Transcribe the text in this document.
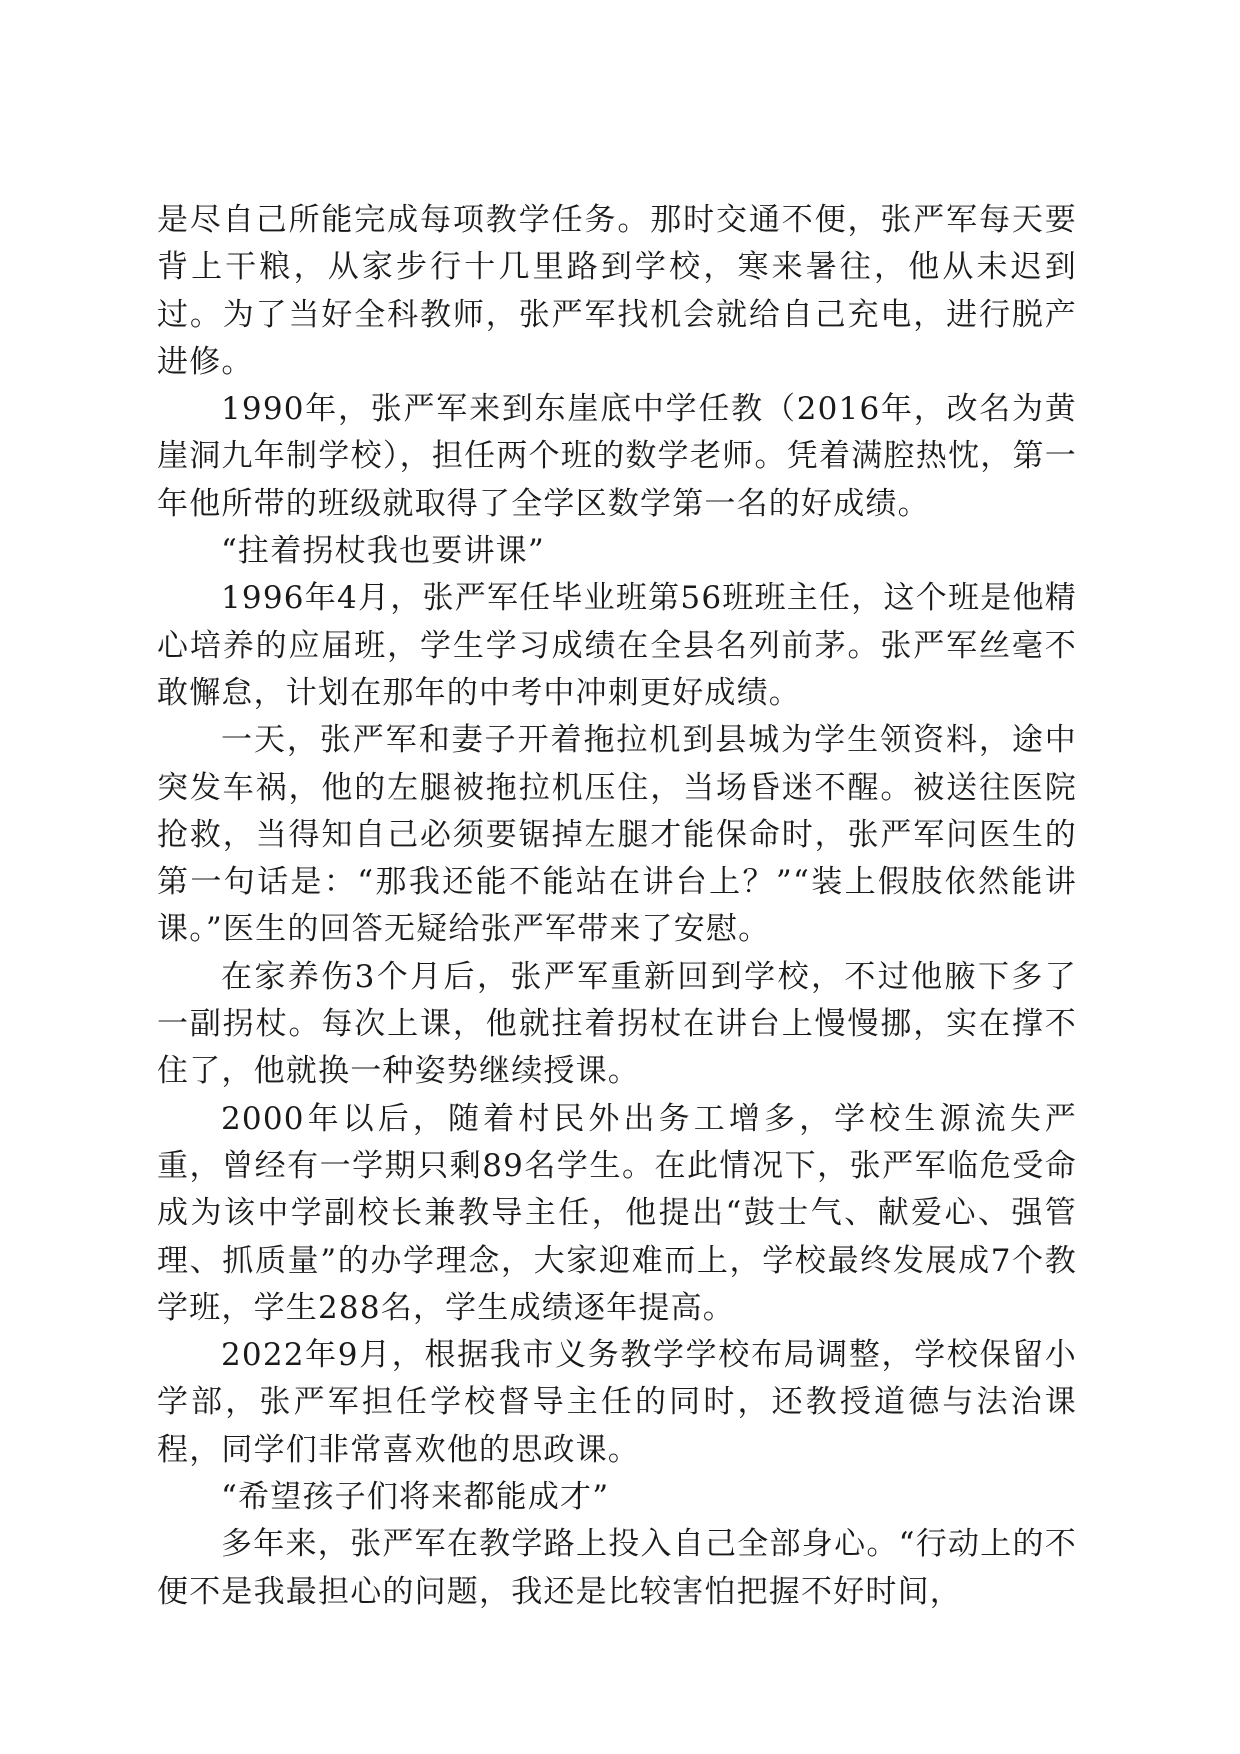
是尽自己所能完成每项教学任务。那时交通不便，张严军每天要背上干粮，从家步行十几里路到学校，寒来暑往，他从未迟到过。为了当好全科教师，张严军找机会就给自己充电，进行脱产进修。

1990年，张严军来到东崖底中学任教（2016年，改名为黄崖洞九年制学校），担任两个班的数学老师。凭着满腔热忱，第一年他所带的班级就取得了全学区数学第一名的好成绩。

“拄着拐杖我也要讲课”

1996年4月，张严军任毕业班第56班班主任，这个班是他精心培养的应届班，学生学习成绩在全县名列前茅。张严军丝毫不敢懈怠，计划在那年的中考中冲刺更好成绩。

一天，张严军和妻子开着拖拉机到县城为学生领资料，途中突发车祸，他的左腿被拖拉机压住，当场昏迷不醒。被送往医院抢救，当得知自己必须要锯掉左腿才能保命时，张严军问医生的第一句话是：“那我还能不能站在讲台上？”“装上假肢依然能讲课。”医生的回答无疑给张严军带来了安慰。

在家养伤3个月后，张严军重新回到学校，不过他腋下多了一副拐杖。每次上课，他就拄着拐杖在讲台上慢慢挪，实在撑不住了，他就换一种姿势继续授课。

2000年以后，随着村民外出务工增多，学校生源流失严重，曾经有一学期只剩89名学生。在此情况下，张严军临危受命成为该中学副校长兼教导主任，他提出“鼓士气、献爱心、强管理、抓质量”的办学理念，大家迎难而上，学校最终发展成7个教学班，学生288名，学生成绩逐年提高。

2022年9月，根据我市义务教学学校布局调整，学校保留小学部，张严军担任学校督导主任的同时，还教授道德与法治课程，同学们非常喜欢他的思政课。

“希望孩子们将来都能成才”

多年来，张严军在教学路上投入自己全部身心。“行动上的不便不是我最担心的问题，我还是比较害怕把握不好时间，
